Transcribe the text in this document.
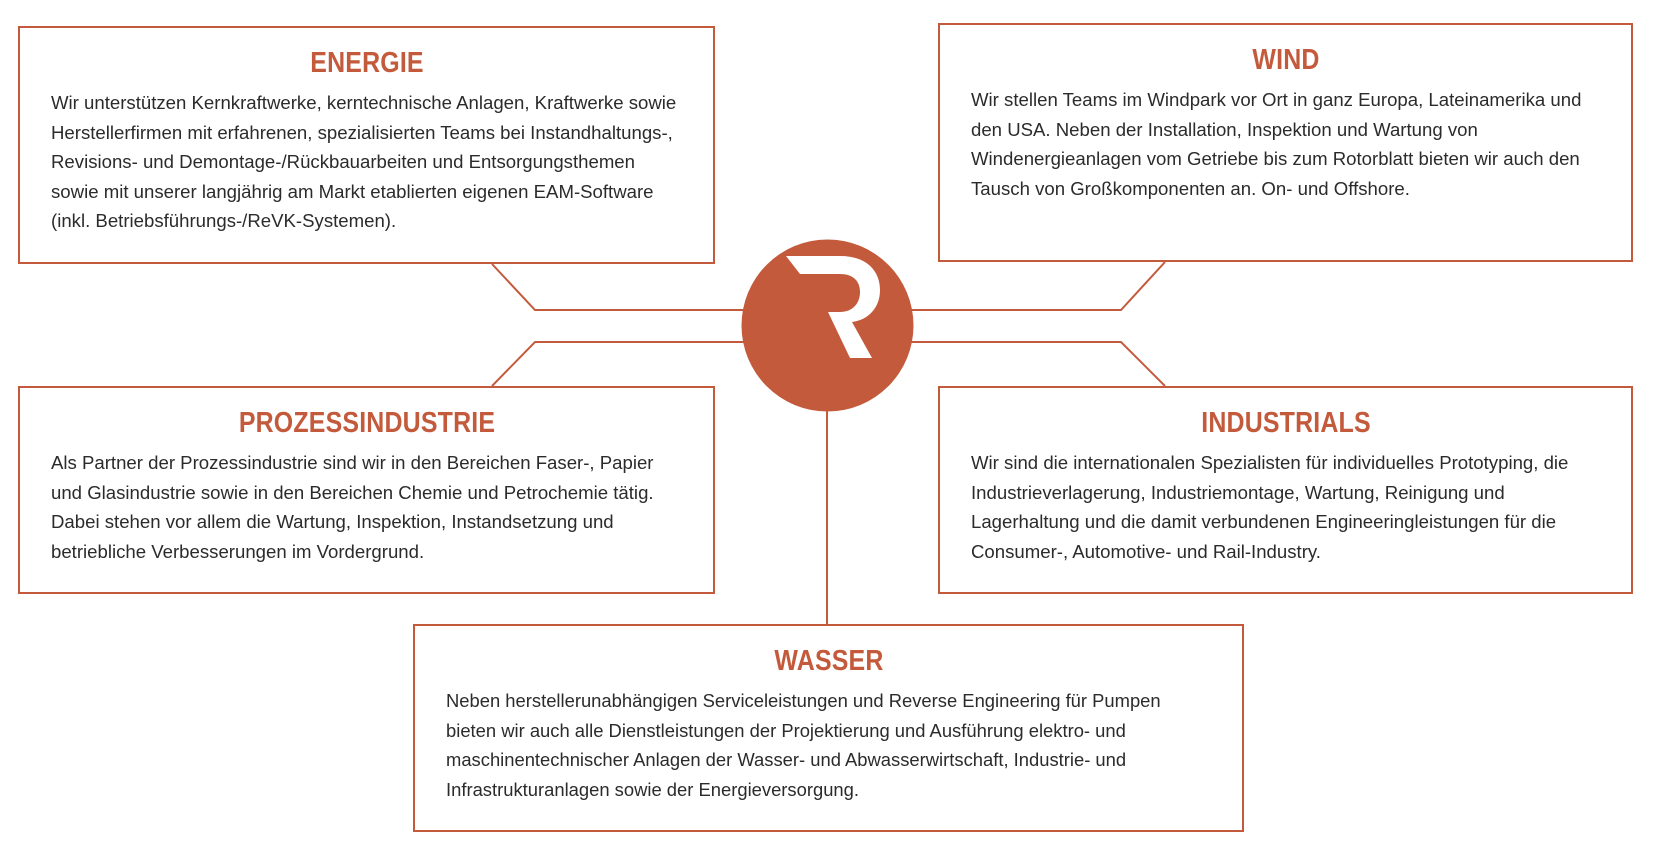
ENERGIE

Wir unterstützen Kernkraftwerke, kerntechnische Anlagen, Kraftwerke sowie Herstellerfirmen mit erfahrenen, spezialisierten Teams bei Instandhaltungs-, Revisions- und Demontage-/Rückbauarbeiten und Entsorgungsthemen sowie mit unserer langjährig am Markt etablierten eigenen EAM-Software (inkl. Betriebsführungs-/ReVK-Systemen).

WIND

Wir stellen Teams im Windpark vor Ort in ganz Europa, Lateinamerika und den USA. Neben der Installation, Inspektion und Wartung von Windenergieanlagen vom Getriebe bis zum Rotorblatt bieten wir auch den Tausch von Großkomponenten an. On- und Offshore.

PROZESSINDUSTRIE

Als Partner der Prozessindustrie sind wir in den Bereichen Faser-, Papier und Glasindustrie sowie in den Bereichen Chemie und Petrochemie tätig. Dabei stehen vor allem die Wartung, Inspektion, Instandsetzung und betriebliche Verbesserungen im Vordergrund.

INDUSTRIALS

Wir sind die internationalen Spezialisten für individuelles Prototyping, die Industrieverlagerung, Industriemontage, Wartung, Reinigung und Lagerhaltung und die damit verbundenen Engineeringleistungen für die Consumer-, Automotive- und Rail-Industry.

WASSER

Neben herstellerunabhängigen Serviceleistungen und Reverse Engineering für Pumpen bieten wir auch alle Dienstleistungen der Projektierung und Ausführung elektro- und maschinentechnischer Anlagen der Wasser- und Abwasserwirtschaft, Industrie- und Infrastrukturanlagen sowie der Energieversorgung.
